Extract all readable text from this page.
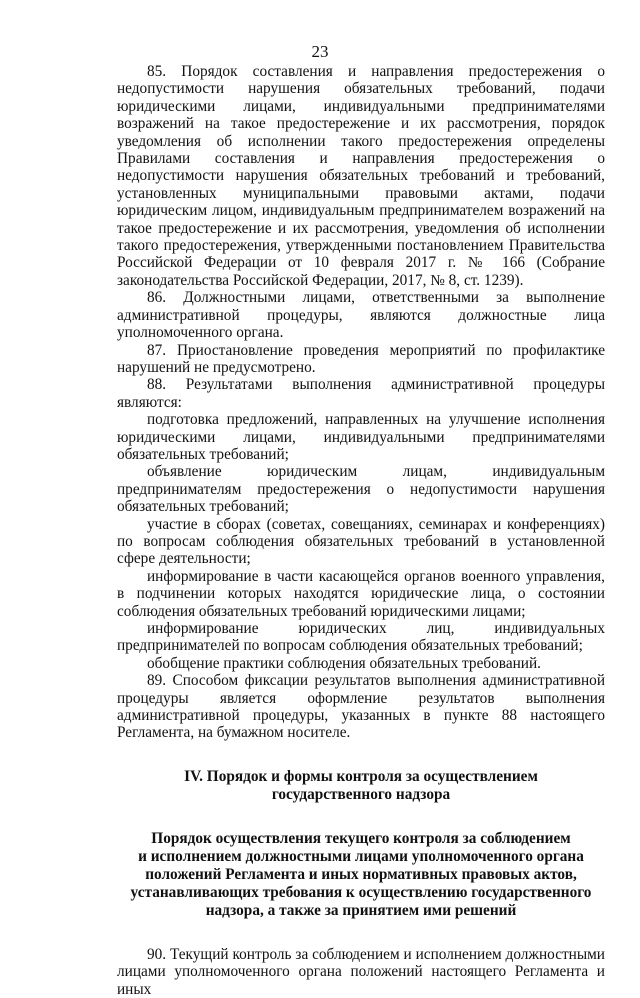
23

85. Порядок составления и направления предостережения о недопустимости нарушения обязательных требований, подачи юридическими лицами, индивидуальными предпринимателями возражений на такое предостережение и их рассмотрения, порядок уведомления об исполнении такого предостережения определены Правилами составления и направления предостережения о недопустимости нарушения обязательных требований и требований, установленных муниципальными правовыми актами, подачи юридическим лицом, индивидуальным предпринимателем возражений на такое предостережение и их рассмотрения, уведомления об исполнении такого предостережения, утвержденными постановлением Правительства Российской Федерации от 10 февраля 2017 г. № 166 (Собрание законодательства Российской Федерации, 2017, № 8, ст. 1239).

86. Должностными лицами, ответственными за выполнение административной процедуры, являются должностные лица уполномоченного органа.

87. Приостановление проведения мероприятий по профилактике нарушений не предусмотрено.

88. Результатами выполнения административной процедуры являются:

подготовка предложений, направленных на улучшение исполнения юридическими лицами, индивидуальными предпринимателями обязательных требований;

объявление юридическим лицам, индивидуальным предпринимателям предостережения о недопустимости нарушения обязательных требований;

участие в сборах (советах, совещаниях, семинарах и конференциях) по вопросам соблюдения обязательных требований в установленной сфере деятельности;

информирование в части касающейся органов военного управления, в подчинении которых находятся юридические лица, о состоянии соблюдения обязательных требований юридическими лицами;

информирование юридических лиц, индивидуальных предпринимателей по вопросам соблюдения обязательных требований;

обобщение практики соблюдения обязательных требований.

89. Способом фиксации результатов выполнения административной процедуры является оформление результатов выполнения административной процедуры, указанных в пункте 88 настоящего Регламента, на бумажном носителе.

IV. Порядок и формы контроля за осуществлением
государственного надзора
Порядок осуществления текущего контроля за соблюдением
и исполнением должностными лицами уполномоченного органа
положений Регламента и иных нормативных правовых актов,
устанавливающих требования к осуществлению государственного
надзора, а также за принятием ими решений

90. Текущий контроль за соблюдением и исполнением должностными лицами уполномоченного органа положений настоящего Регламента и иных
